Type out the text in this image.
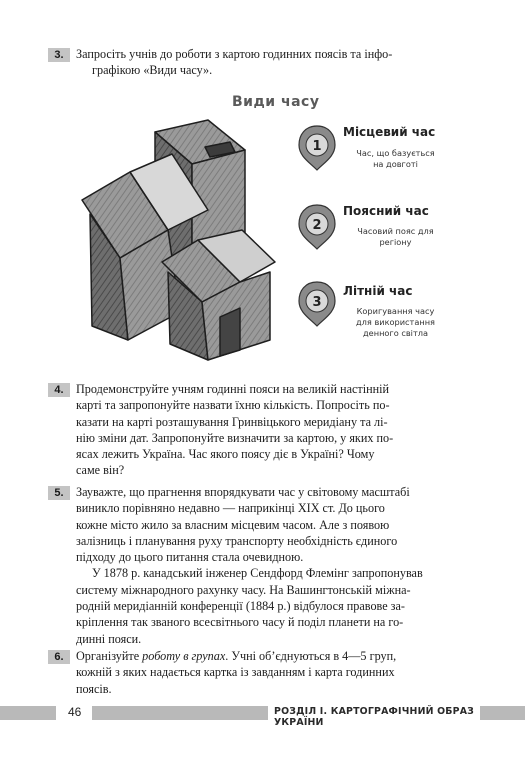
3.	Запросіть учнів до роботи з картою годинних поясів та інфо-
графікою «Види часу».
Види часу
1
Місцевий час
Час, що базується
на довготі
2
Поясний час
Часовий пояс для
регіону
3
Літній час
Коригування часу
для використання
денного світла
4.	Продемонструйте учням годинні пояси на великій настінній
карті та запропонуйте назвати їхню кількість. Попросіть по-
казати на карті розташування Гринвіцького меридіану та лі-
нію зміни дат. Запропонуйте визначити за картою, у яких по-
ясах лежить Україна. Час якого поясу діє в Україні? Чому
саме він?
5.	Зауважте, що прагнення впорядкувати час у світовому масштабі
виникло порівняно недавно — наприкінці XIX ст. До цього
кожне місто жило за власним місцевим часом. Але з появою
залізниць і планування руху транспорту необхідність єдиного
підходу до цього питання стала очевидною.
У 1878 р. канадський інженер Сендфорд Флемінг запропонував
систему міжнародного рахунку часу. На Вашингтонській міжна-
родній меридіанній конференції (1884 р.) відбулося правове за-
кріплення так званого всесвітнього часу й поділ планети на го-
динні пояси.
6.	Організуйте роботу в групах. Учні об’єднуються в 4—5 груп,
кожній з яких надається картка із завданням і карта годинних
поясів.
46	РОЗДІЛ І. КАРТОГРАФІЧНИЙ ОБРАЗ УКРАЇНИ
